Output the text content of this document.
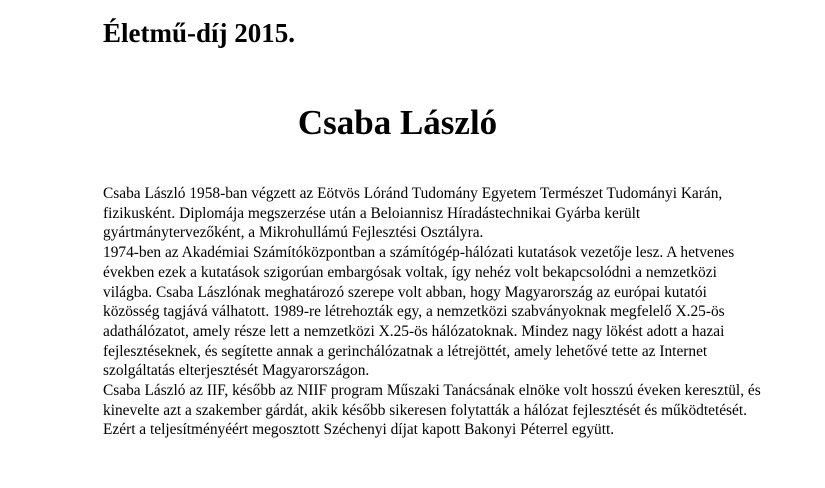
Életmű-díj 2015.
Csaba László

Csaba László 1958-ban végzett az Eötvös Lóránd Tudomány Egyetem Természet Tudományi Karán, fizikusként. Diplomája megszerzése után a Beloiannisz Híradástechnikai Gyárba került gyártmánytervezőként, a Mikrohullámú Fejlesztési Osztályra.

1974-ben az Akadémiai Számítóközpontban a számítógép-hálózati kutatások vezetője lesz. A hetvenes években ezek a kutatások szigorúan embargósak voltak, így nehéz volt bekapcsolódni a nemzetközi világba. Csaba Lászlónak meghatározó szerepe volt abban, hogy Magyarország az európai kutatói közösség tagjává válhatott. 1989-re létrehozták egy, a nemzetközi szabványoknak megfelelő X.25-ös adathálózatot, amely része lett a nemzetközi X.25-ös hálózatoknak. Mindez nagy lökést adott a hazai fejlesztéseknek, és segítette annak a gerinchálózatnak a létrejöttét, amely lehetővé tette az Internet szolgáltatás elterjesztését Magyarországon.

Csaba László az IIF, később az NIIF program Műszaki Tanácsának elnöke volt hosszú éveken keresztül, és kinevelte azt a szakember gárdát, akik később sikeresen folytatták a hálózat fejlesztését és működtetését. Ezért a teljesítményéért megosztott Széchenyi díjat kapott Bakonyi Péterrel együtt.
